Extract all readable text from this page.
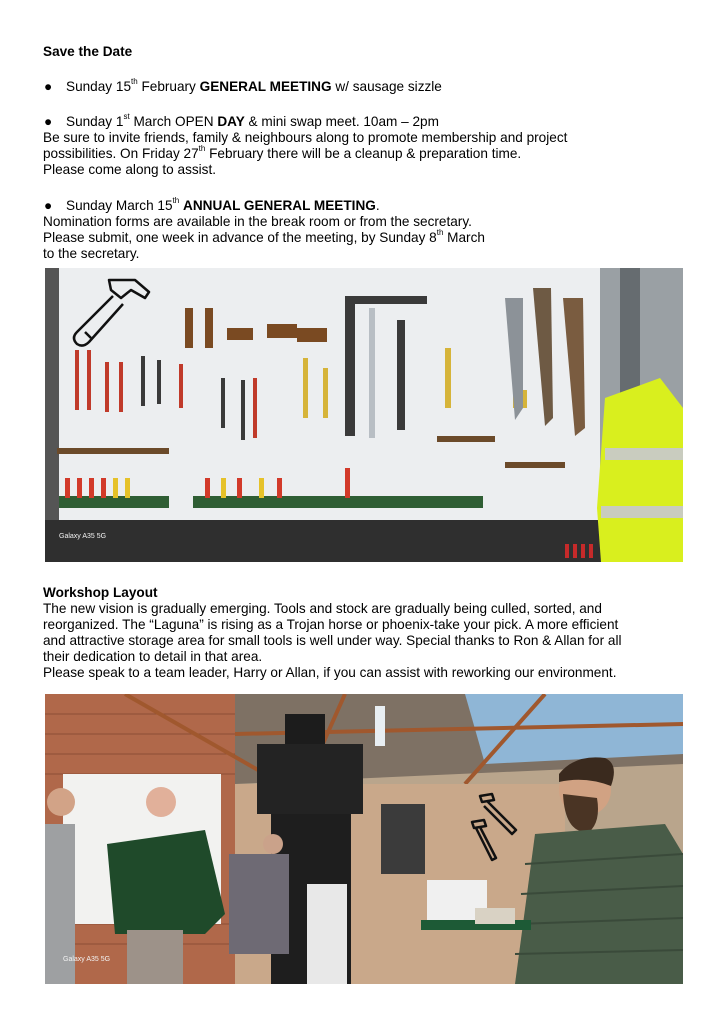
Save the Date
● Sunday 15th February GENERAL MEETING w/ sausage sizzle
● Sunday 1st March OPEN DAY & mini swap meet. 10am – 2pm
Be sure to invite friends, family & neighbours along to promote membership and project
possibilities. On Friday 27th February there will be a cleanup & preparation time.
Please come along to assist.
● Sunday March 15th ANNUAL GENERAL MEETING.
Nomination forms are available in the break room or from the secretary.
Please submit, one week in advance of the meeting, by Sunday 8th March
to the secretary.
Galaxy A35 5G
Workshop Layout
The new vision is gradually emerging. Tools and stock are gradually being culled, sorted, and
reorganized. The “Laguna” is rising as a Trojan horse or phoenix-take your pick. A more efficient
and attractive storage area for small tools is well under way. Special thanks to Ron & Allan for all
their dedication to detail in that area.
Please speak to a team leader, Harry or Allan, if you can assist with reworking our environment.
Galaxy A35 5G
